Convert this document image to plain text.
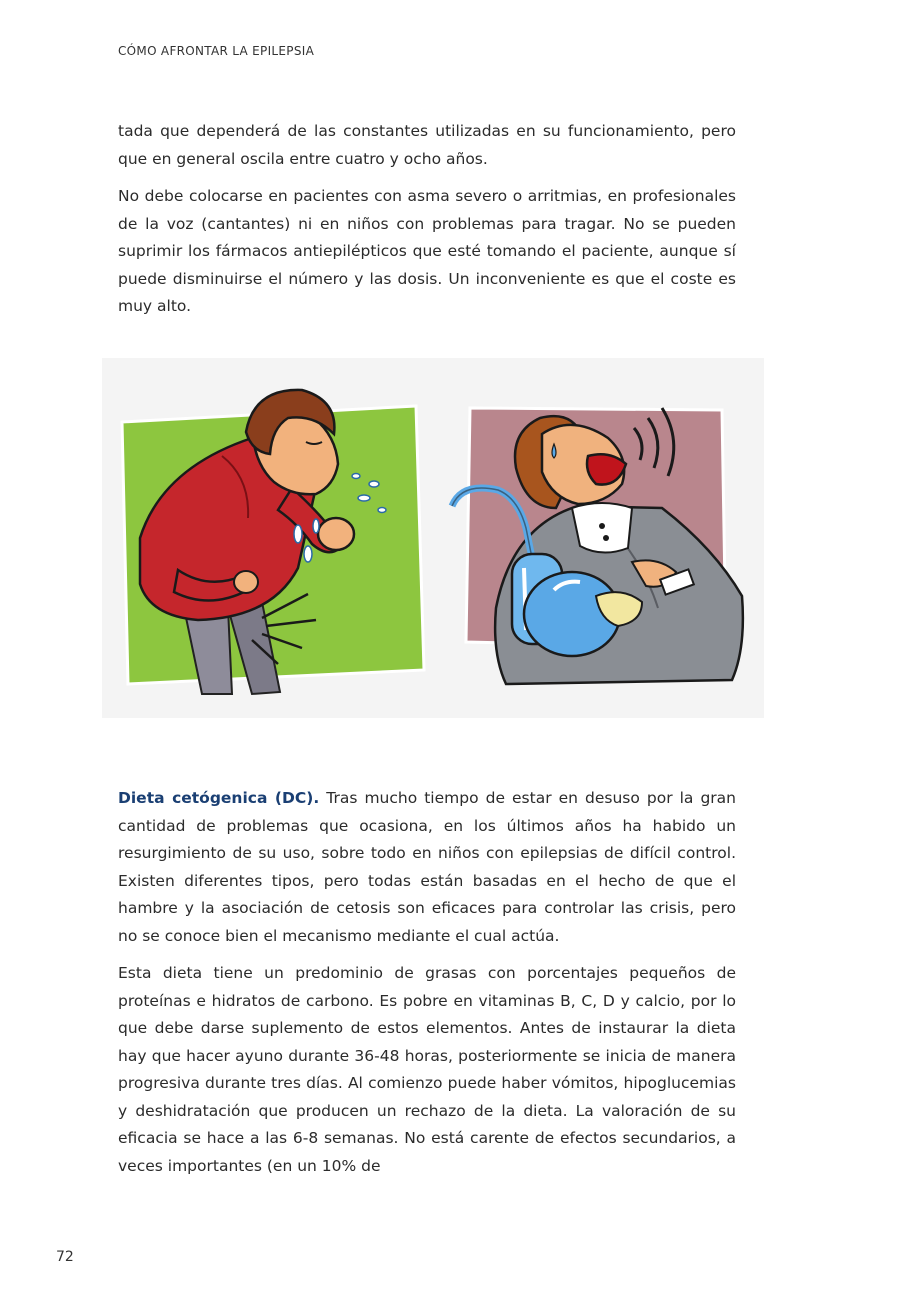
CÓMO AFRONTAR LA EPILEPSIA

tada que dependerá de las constantes utilizadas en su funcionamiento, pero que en general oscila entre cuatro y ocho años.

No debe colocarse en pacientes con asma severo o arritmias, en profesionales de la voz (cantantes) ni en niños con problemas para tragar. No se pueden suprimir los fármacos antiepilépticos que esté tomando el paciente, aunque sí puede disminuirse el número y las dosis. Un inconveniente es que el coste es muy alto.

Dieta cetógenica (DC). Tras mucho tiempo de estar en desuso por la gran cantidad de problemas que ocasiona, en los últimos años ha habido un resurgimiento de su uso, sobre todo en niños con epilepsias de difícil control. Existen diferentes tipos, pero todas están basadas en el hecho de que el hambre y la asociación de cetosis son eficaces para controlar las crisis, pero no se conoce bien el mecanismo mediante el cual actúa.

Esta dieta tiene un predominio de grasas con porcentajes pequeños de proteínas e hidratos de carbono. Es pobre en vitaminas B, C, D y calcio, por lo que debe darse suplemento de estos elementos. Antes de instaurar la dieta hay que hacer ayuno durante 36-48 horas, posteriormente se inicia de manera progresiva durante tres días. Al comienzo puede haber vómitos, hipoglucemias y deshidratación que producen un rechazo de la dieta. La valoración de su eficacia se hace a las 6-8 semanas. No está carente de efectos secundarios, a veces importantes (en un 10% de

72
